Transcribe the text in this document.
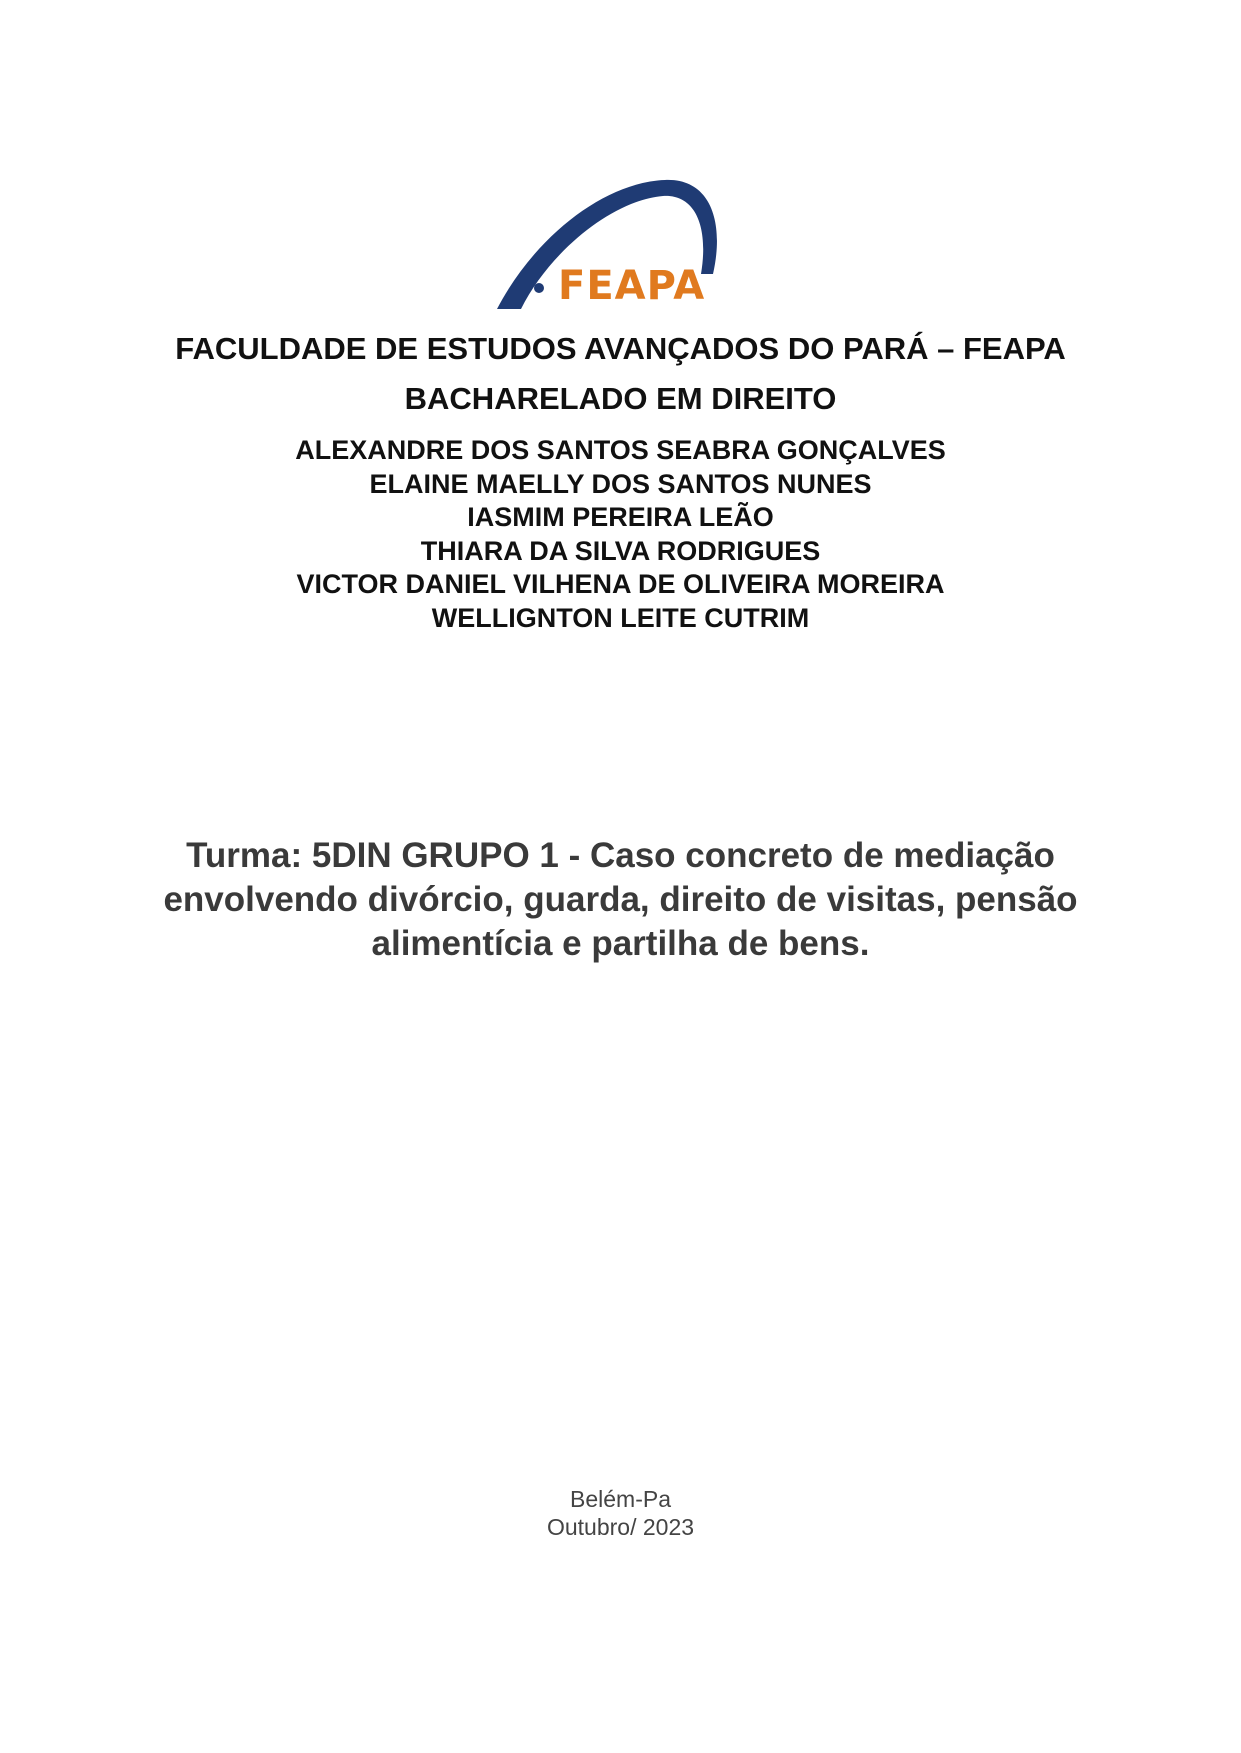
FEAPA
FACULDADE DE ESTUDOS AVANÇADOS DO PARÁ – FEAPA
BACHARELADO EM DIREITO
ALEXANDRE DOS SANTOS SEABRA GONÇALVES
ELAINE MAELLY DOS SANTOS NUNES
IASMIM PEREIRA LEÃO
THIARA DA SILVA RODRIGUES
VICTOR DANIEL VILHENA DE OLIVEIRA MOREIRA
WELLIGNTON LEITE CUTRIM
Turma: 5DIN GRUPO 1 - Caso concreto de mediação
envolvendo divórcio, guarda, direito de visitas, pensão
alimentícia e partilha de bens.
Belém-Pa
Outubro/ 2023
